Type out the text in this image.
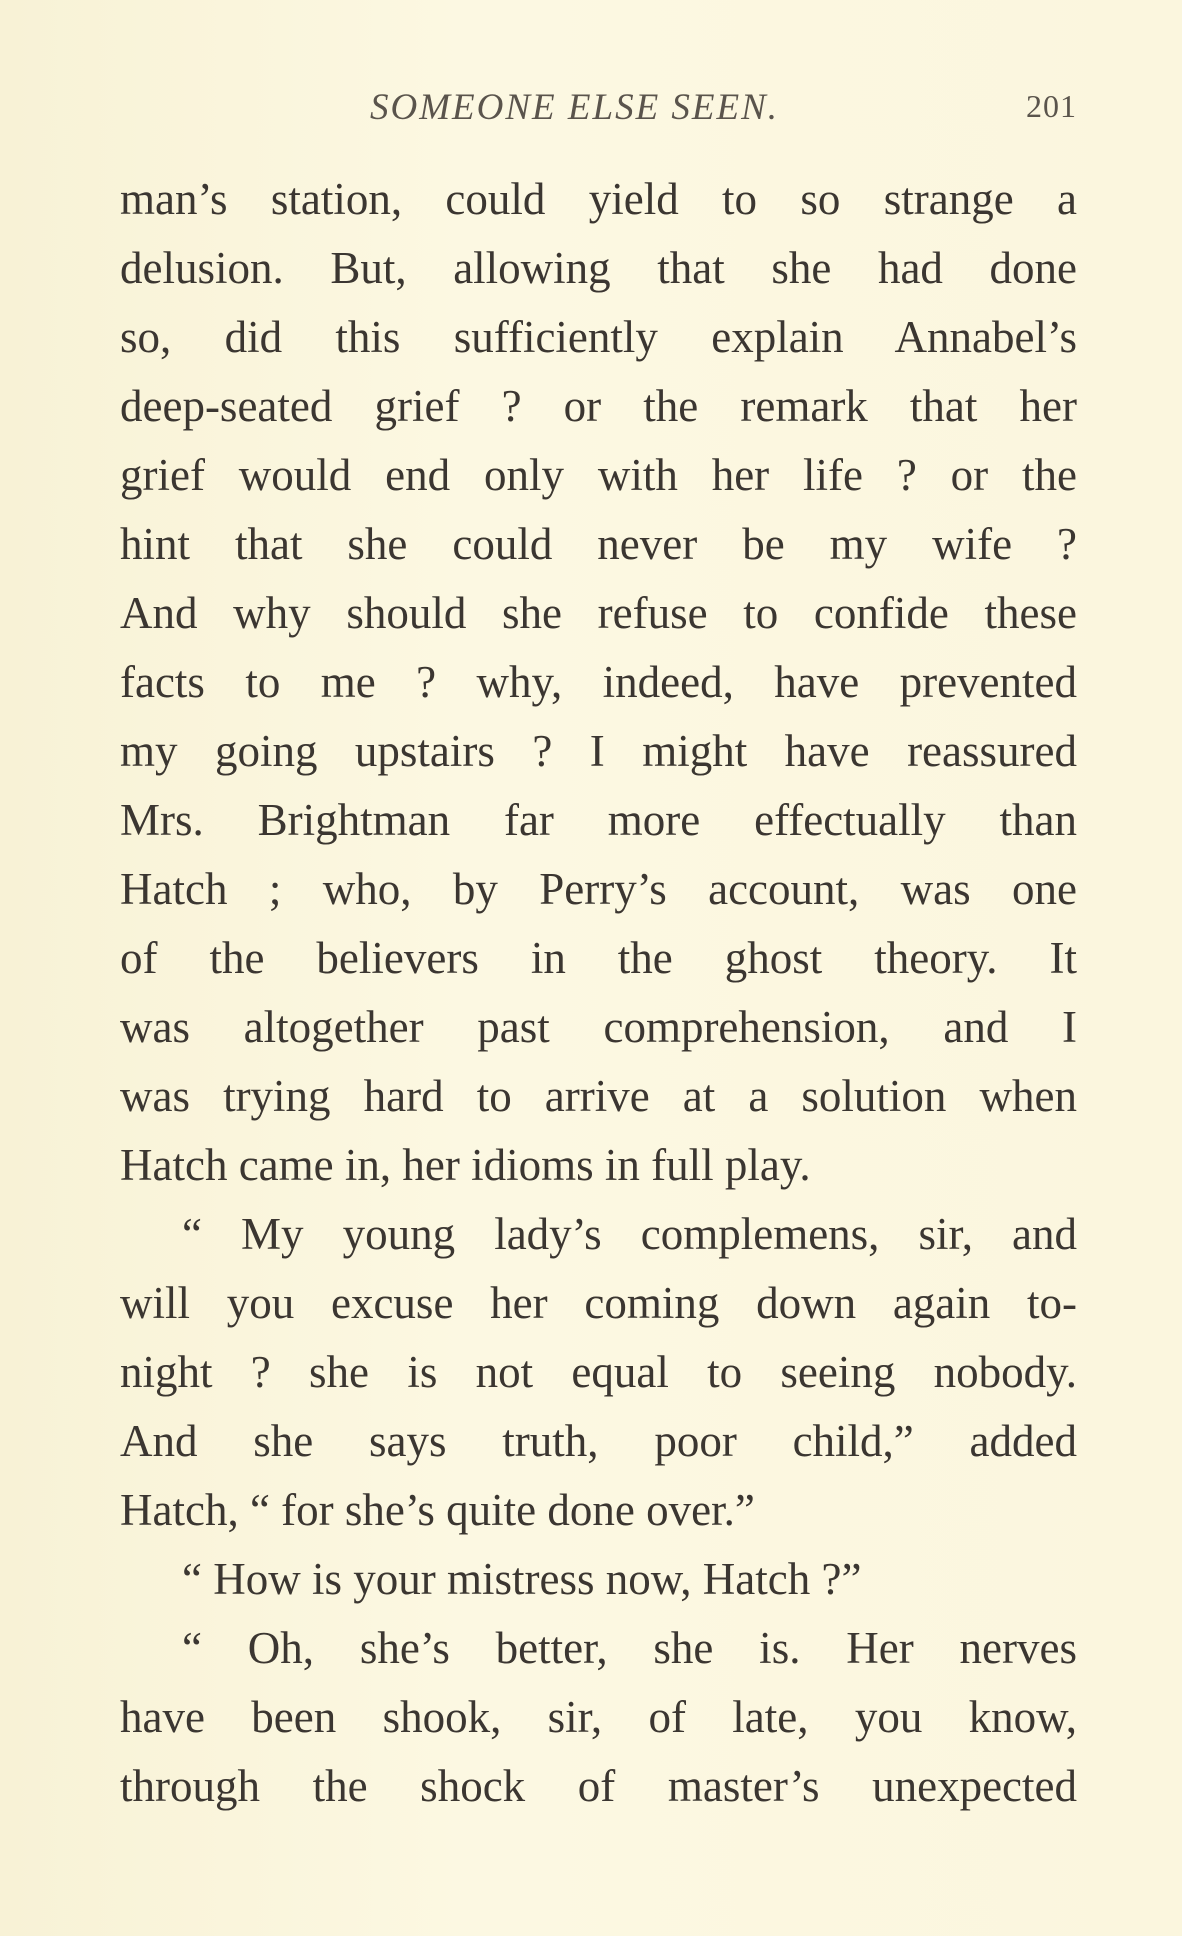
SOMEONE ELSE SEEN.	201
man’s station, could yield to so strange a
delusion. But, allowing that she had done
so, did this sufficiently explain Annabel’s
deep-seated grief ? or the remark that her
grief would end only with her life ? or the
hint that she could never be my wife ?
And why should she refuse to confide these
facts to me ? why, indeed, have prevented
my going upstairs ? I might have reassured
Mrs. Brightman far more effectually than
Hatch ; who, by Perry’s account, was one
of the believers in the ghost theory. It
was altogether past comprehension, and I
was trying hard to arrive at a solution when
Hatch came in, her idioms in full play.
“ My young lady’s complemens, sir, and
will you excuse her coming down again to-
night ? she is not equal to seeing nobody.
And she says truth, poor child,” added
Hatch, “ for she’s quite done over.”
“ How is your mistress now, Hatch ?”
“ Oh, she’s better, she is. Her nerves
have been shook, sir, of late, you know,
through the shock of master’s unexpected
